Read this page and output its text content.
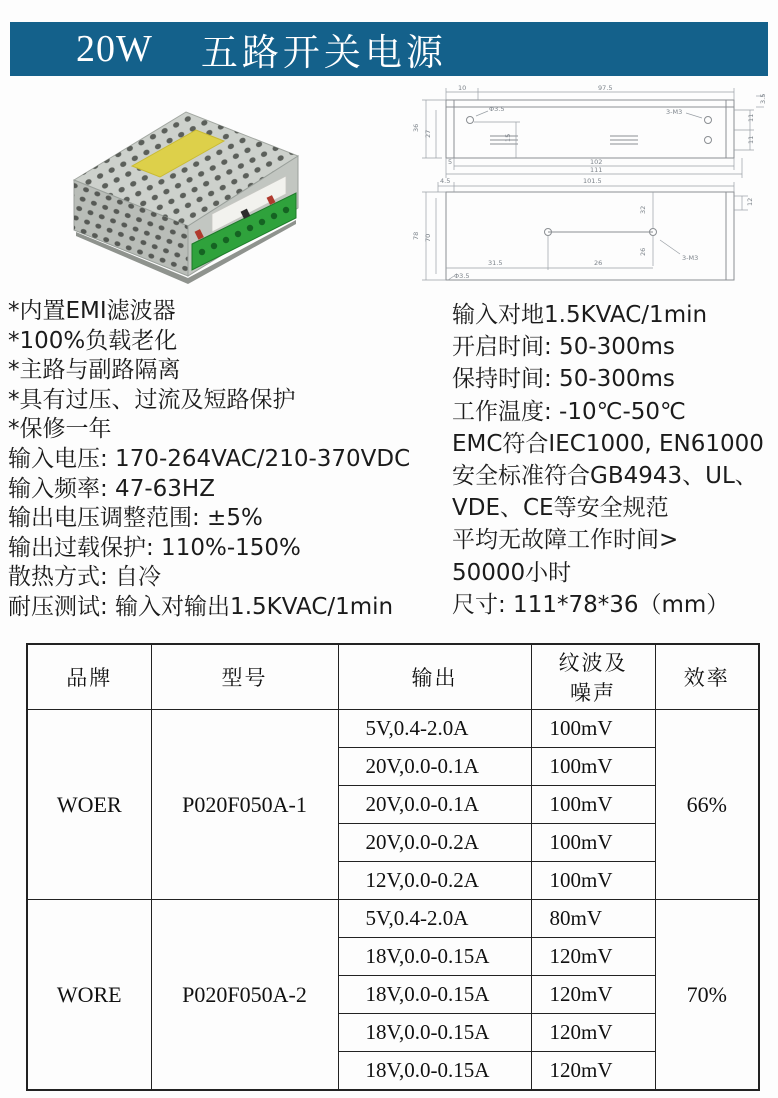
20W 五路开关电源
10	97.5
Φ3.5	3-M3
36
27	15
5	102
111
11
11
3.5
4.5	101.5
78 70
32
26
26
31.5
Φ3.5
3-M3
12
*内置EMI滤波器
*100%负载老化
*主路与副路隔离
*具有过压、过流及短路保护
*保修一年
输入电压: 170-264VAC/210-370VDC
输入频率: 47-63HZ
输出电压调整范围: ±5%
输出过载保护: 110%-150%
散热方式: 自冷
耐压测试: 输入对输出1.5KVAC/1min
输入对地1.5KVAC/1min
开启时间: 50-300ms
保持时间: 50-300ms
工作温度: -10℃-50℃
EMC符合IEC1000, EN61000
安全标准符合GB4943、UL、
VDE、CE等安全规范
平均无故障工作时间>
50000小时
尺寸: 111*78*36（mm）
品牌	型号	输出	纹波及
噪声	效率
WOER	P020F050A-1	5V,0.4-2.0A	100mV	66%
		20V,0.0-0.1A	100mV	
		20V,0.0-0.1A	100mV	
		20V,0.0-0.2A	100mV	
		12V,0.0-0.2A	100mV	
WORE	P020F050A-2	5V,0.4-2.0A	80mV	70%
		18V,0.0-0.15A	120mV	
		18V,0.0-0.15A	120mV	
		18V,0.0-0.15A	120mV	
		18V,0.0-0.15A	120mV	
